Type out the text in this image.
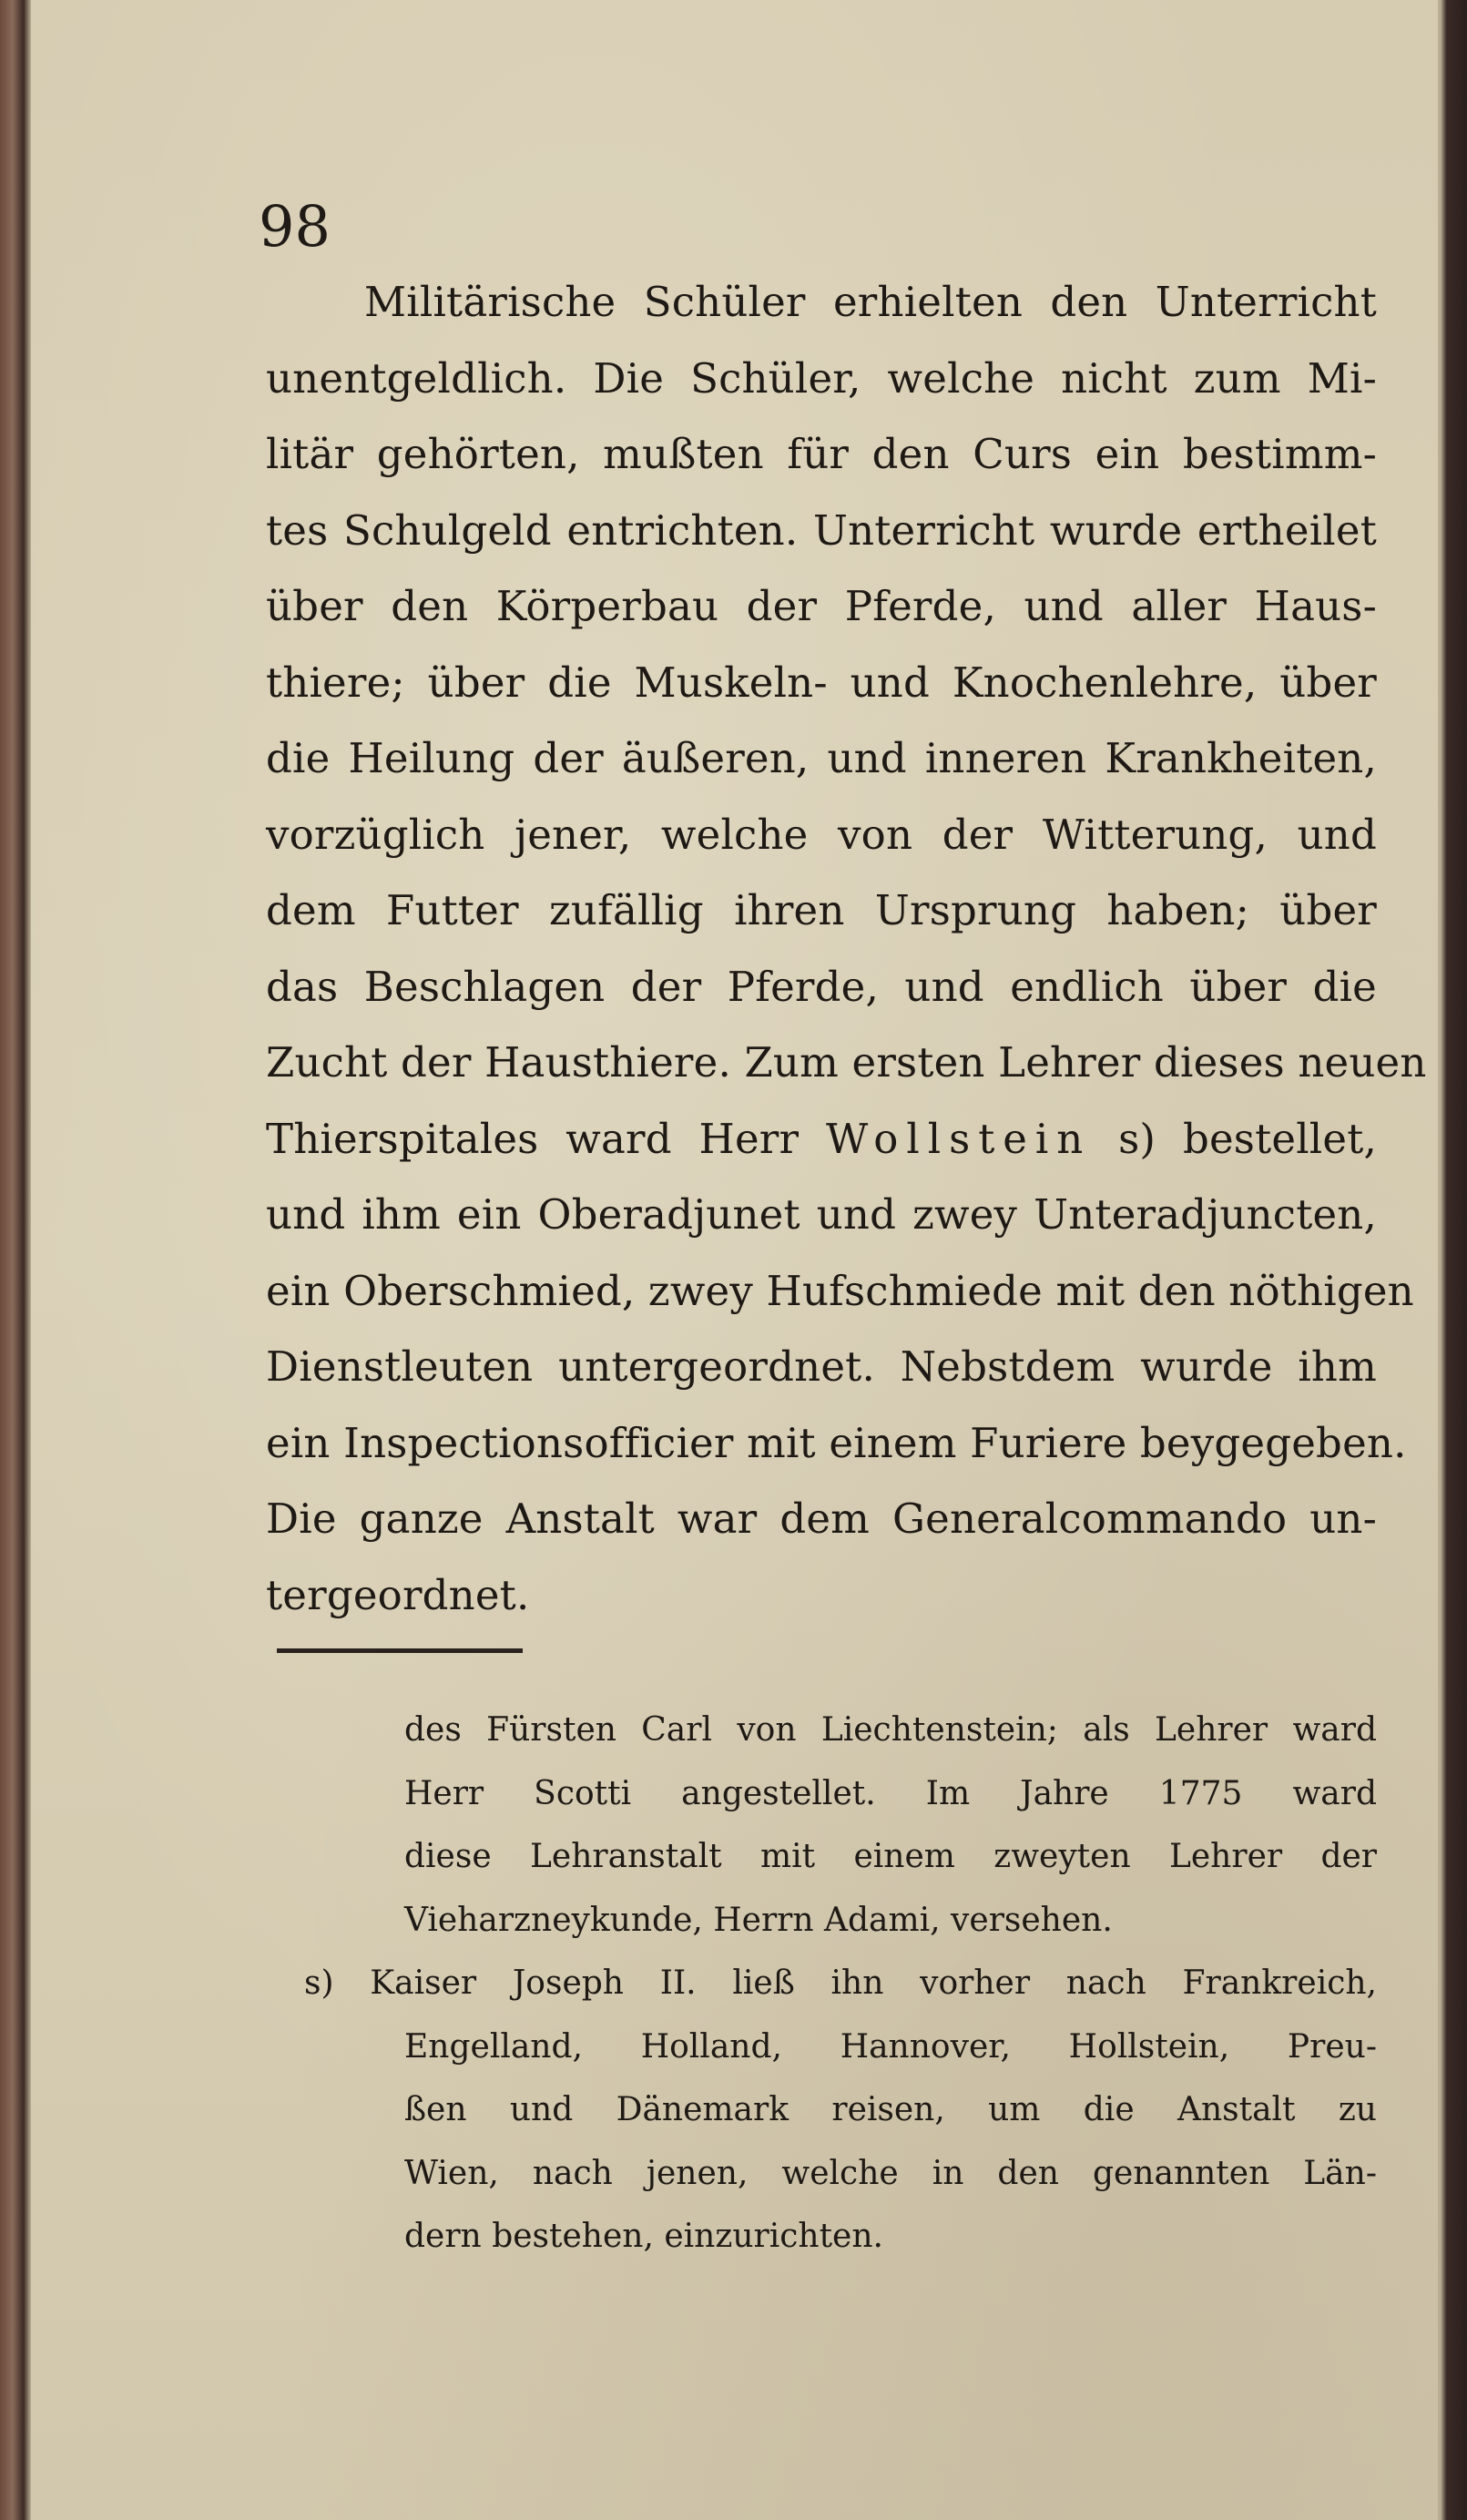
98
Militärische Schüler erhielten den Unterricht
unentgeldlich. Die Schüler, welche nicht zum Mi-
litär gehörten, mußten für den Curs ein bestimm-
tes Schulgeld entrichten. Unterricht wurde ertheilet
über den Körperbau der Pferde, und aller Haus-
thiere; über die Muskeln- und Knochenlehre, über
die Heilung der äußeren, und inneren Krankheiten,
vorzüglich jener, welche von der Witterung, und
dem Futter zufällig ihren Ursprung haben; über
das Beschlagen der Pferde, und endlich über die
Zucht der Hausthiere. Zum ersten Lehrer dieses neuen
Thierspitales ward Herr Wollstein s) bestellet,
und ihm ein Oberadjunet und zwey Unteradjuncten,
ein Oberschmied, zwey Hufschmiede mit den nöthigen
Dienstleuten untergeordnet. Nebstdem wurde ihm
ein Inspectionsofficier mit einem Furiere beygegeben.
Die ganze Anstalt war dem Generalcommando un-
tergeordnet.
des Fürsten Carl von Liechtenstein; als Lehrer ward
Herr Scotti angestellet. Im Jahre 1775 ward
diese Lehranstalt mit einem zweyten Lehrer der
Vieharzneykunde, Herrn Adami, versehen.
s) Kaiser Joseph II. ließ ihn vorher nach Frankreich,
Engelland, Holland, Hannover, Hollstein, Preu-
ßen und Dänemark reisen, um die Anstalt zu
Wien, nach jenen, welche in den genannten Län-
dern bestehen, einzurichten.
